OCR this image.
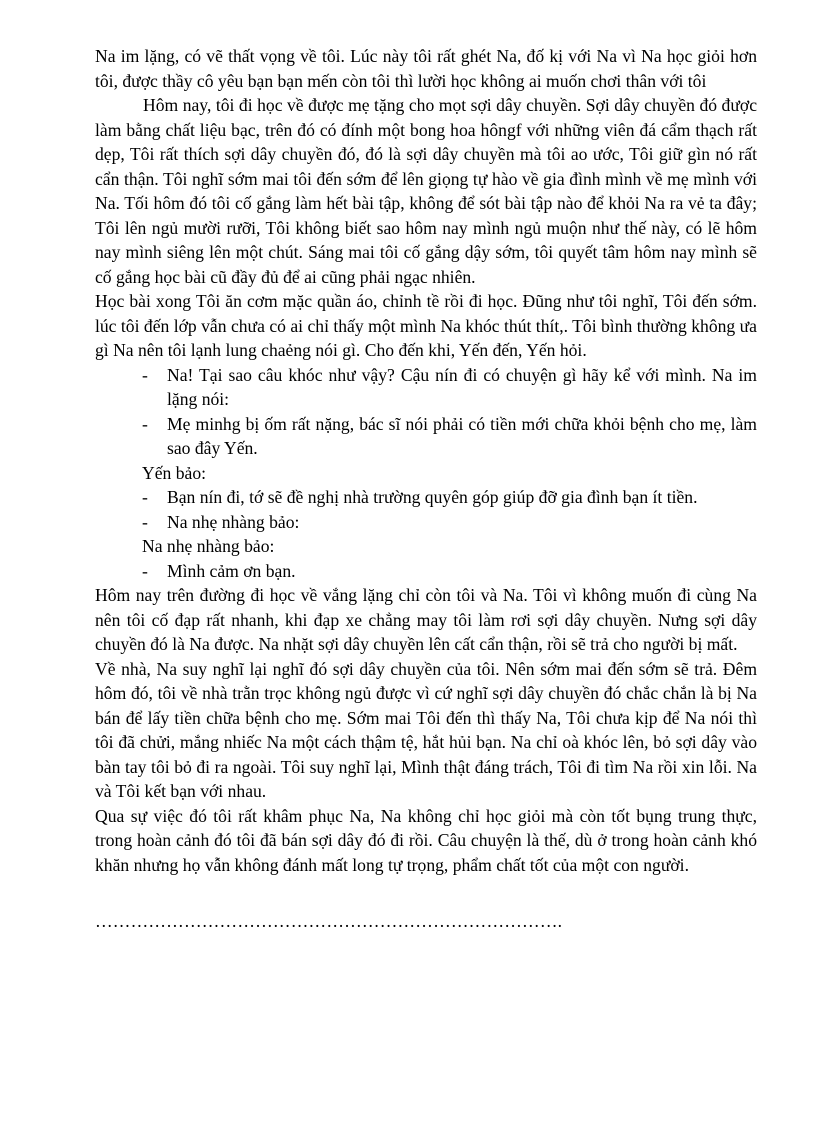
Na im lặng, có vẽ thất vọng về tôi. Lúc này tôi rất ghét Na, đố kị với Na vì Na học giỏi hơn tôi, được thầy cô yêu bạn bạn mến còn tôi thì lười học không ai muốn chơi thân với tôi

Hôm nay, tôi đi học về được mẹ tặng cho mọt sợi dây chuyền. Sợi dây chuyền đó được làm bằng chất liệu bạc, trên đó có đính một bong hoa hôngf với những viên đá cẩm thạch rất dẹp, Tôi rất thích sợi dây chuyền đó, đó là sợi dây chuyền mà tôi ao ước, Tôi giữ gìn nó rất cẩn thận. Tôi nghĩ sớm mai tôi đến sớm để lên giọng tự hào về gia đình mình về mẹ mình với Na. Tối hôm đó tôi cố gắng làm hết bài tập, không để sót bài tập nào để khỏi Na ra vẻ ta đây; Tôi lên ngủ mười rưỡi, Tôi không biết sao hôm nay mình ngủ muộn như thế này, có lẽ hôm nay mình siêng lên một chút. Sáng mai tôi cố gắng dậy sớm, tôi quyết tâm hôm nay mình sẽ cố gắng học bài cũ đầy đủ để ai cũng phải ngạc nhiên.

Học bài xong Tôi ăn cơm mặc quần áo, chỉnh tề rồi đi học. Đũng như tôi nghĩ, Tôi đến sớm. lúc tôi đến lớp vẫn chưa có ai chỉ thấy một mình Na khóc thút thít,. Tôi bình thường không ưa gì Na nên tôi lạnh lung chaẻng nói gì. Cho đến khi, Yến đến, Yến hỏi.

- Na! Tại sao câu khóc như vậy? Cậu nín đi có chuyện gì hãy kể với mình. Na im lặng nói:

- Mẹ minhg bị ốm rất nặng, bác sĩ nói phải có tiền mới chữa khỏi bệnh cho mẹ, làm sao đây Yến.

Yến bảo:

- Bạn nín đi, tớ sẽ đề nghị nhà trường quyên góp giúp đỡ gia đình bạn ít tiền.

- Na nhẹ nhàng bảo:

Na nhẹ nhàng bảo:

- Mình cảm ơn bạn.

Hôm nay trên đường đi học về vắng lặng chỉ còn tôi và Na. Tôi vì không muốn đi cùng Na nên tôi cố đạp rất nhanh, khi đạp xe chẳng may tôi làm rơi sợi dây chuyền. Nưng sợi dây chuyền đó là Na được. Na nhặt sợi dây chuyền lên cất cẩn thận, rồi sẽ trả cho người bị mất.

Về nhà, Na suy nghĩ lại nghĩ đó sợi dây chuyền của tôi. Nên sớm mai đến sớm sẽ trả. Đêm hôm đó, tôi về nhà trằn trọc không ngủ được vì cứ nghĩ sợi dây chuyền đó chắc chắn là bị Na bán để lấy tiền chữa bệnh cho mẹ. Sớm mai Tôi đến thì thấy Na, Tôi chưa kịp để Na nói thì tôi đã chửi, mắng nhiếc Na một cách thậm tệ, hắt hủi bạn. Na chỉ oà khóc lên, bỏ sợi dây vào bàn tay tôi bỏ đi ra ngoài. Tôi suy nghĩ lại, Mình thật đáng trách, Tôi đi tìm Na rồi xin lỗi. Na và Tôi kết bạn với nhau.

Qua sự việc đó tôi rất khâm phục Na, Na không chỉ học giỏi mà còn tốt bụng trung thực, trong hoàn cảnh đó tôi đã bán sợi dây đó đi rồi. Câu chuyện là thế, dù ở trong hoàn cảnh khó khăn nhưng họ vẫn không đánh mất long tự trọng, phẩm chất tốt của một con người.

…………………………………………………………………….
